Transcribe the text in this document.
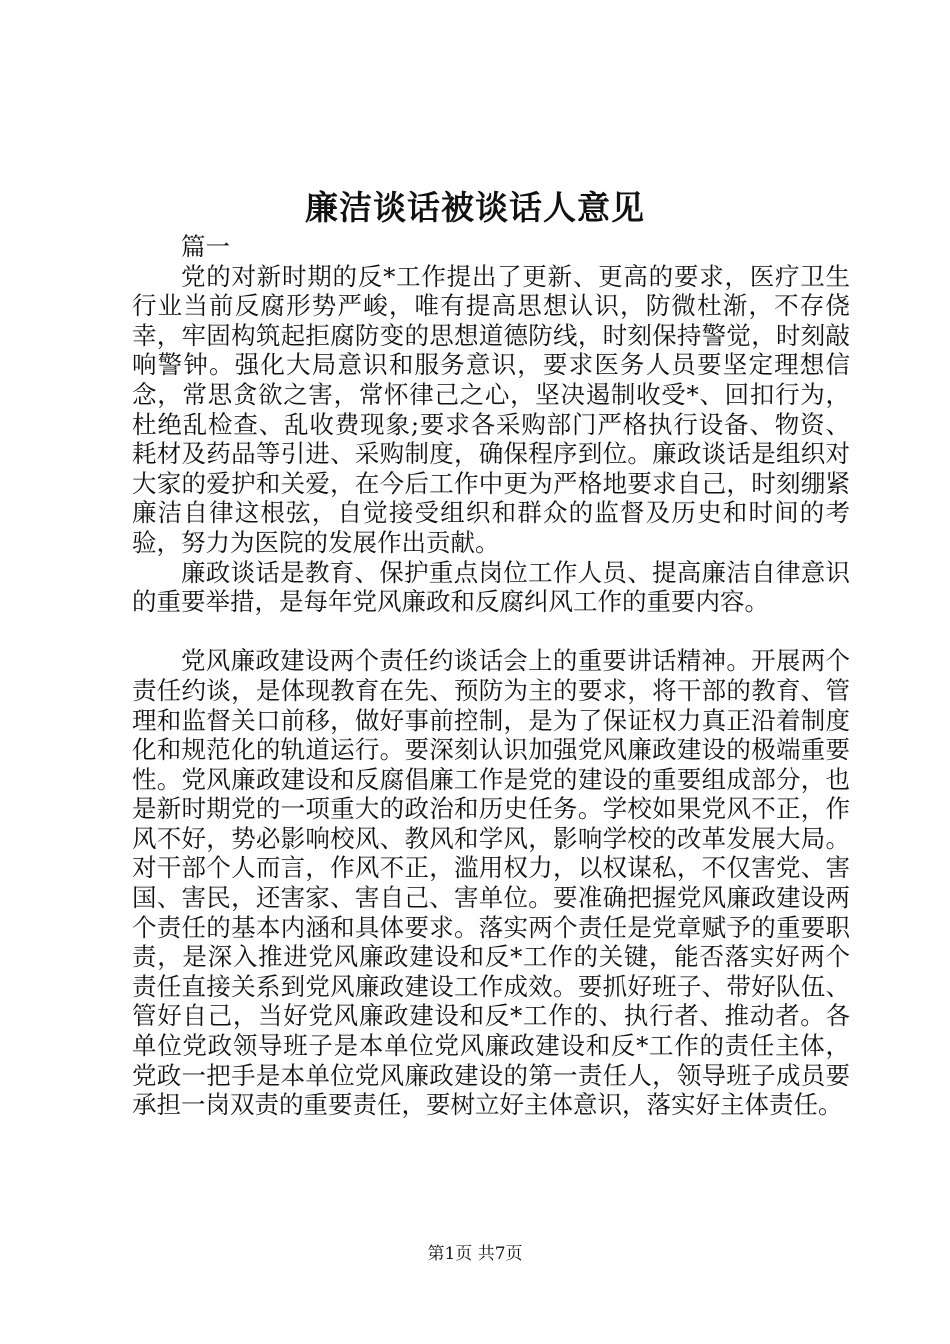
廉洁谈话被谈话人意见

篇一

党的对新时期的反*工作提出了更新、更高的要求，医疗卫生行业当前反腐形势严峻，唯有提高思想认识，防微杜渐，不存侥幸，牢固构筑起拒腐防变的思想道德防线，时刻保持警觉，时刻敲响警钟。强化大局意识和服务意识，要求医务人员要坚定理想信念，常思贪欲之害，常怀律己之心，坚决遏制收受*、回扣行为，杜绝乱检查、乱收费现象;要求各采购部门严格执行设备、物资、耗材及药品等引进、采购制度，确保程序到位。廉政谈话是组织对大家的爱护和关爱，在今后工作中更为严格地要求自己，时刻绷紧廉洁自律这根弦，自觉接受组织和群众的监督及历史和时间的考验，努力为医院的发展作出贡献。

廉政谈话是教育、保护重点岗位工作人员、提高廉洁自律意识的重要举措，是每年党风廉政和反腐纠风工作的重要内容。

党风廉政建设两个责任约谈话会上的重要讲话精神。开展两个责任约谈，是体现教育在先、预防为主的要求，将干部的教育、管理和监督关口前移，做好事前控制，是为了保证权力真正沿着制度化和规范化的轨道运行。要深刻认识加强党风廉政建设的极端重要性。党风廉政建设和反腐倡廉工作是党的建设的重要组成部分，也是新时期党的一项重大的政治和历史任务。学校如果党风不正，作风不好，势必影响校风、教风和学风，影响学校的改革发展大局。对干部个人而言，作风不正，滥用权力，以权谋私，不仅害党、害国、害民，还害家、害自己、害单位。要准确把握党风廉政建设两个责任的基本内涵和具体要求。落实两个责任是党章赋予的重要职责，是深入推进党风廉政建设和反*工作的关键，能否落实好两个责任直接关系到党风廉政建设工作成效。要抓好班子、带好队伍、管好自己，当好党风廉政建设和反*工作的、执行者、推动者。各单位党政领导班子是本单位党风廉政建设和反*工作的责任主体，党政一把手是本单位党风廉政建设的第一责任人，领导班子成员要承担一岗双责的重要责任，要树立好主体意识，落实好主体责任。

第1页 共7页
